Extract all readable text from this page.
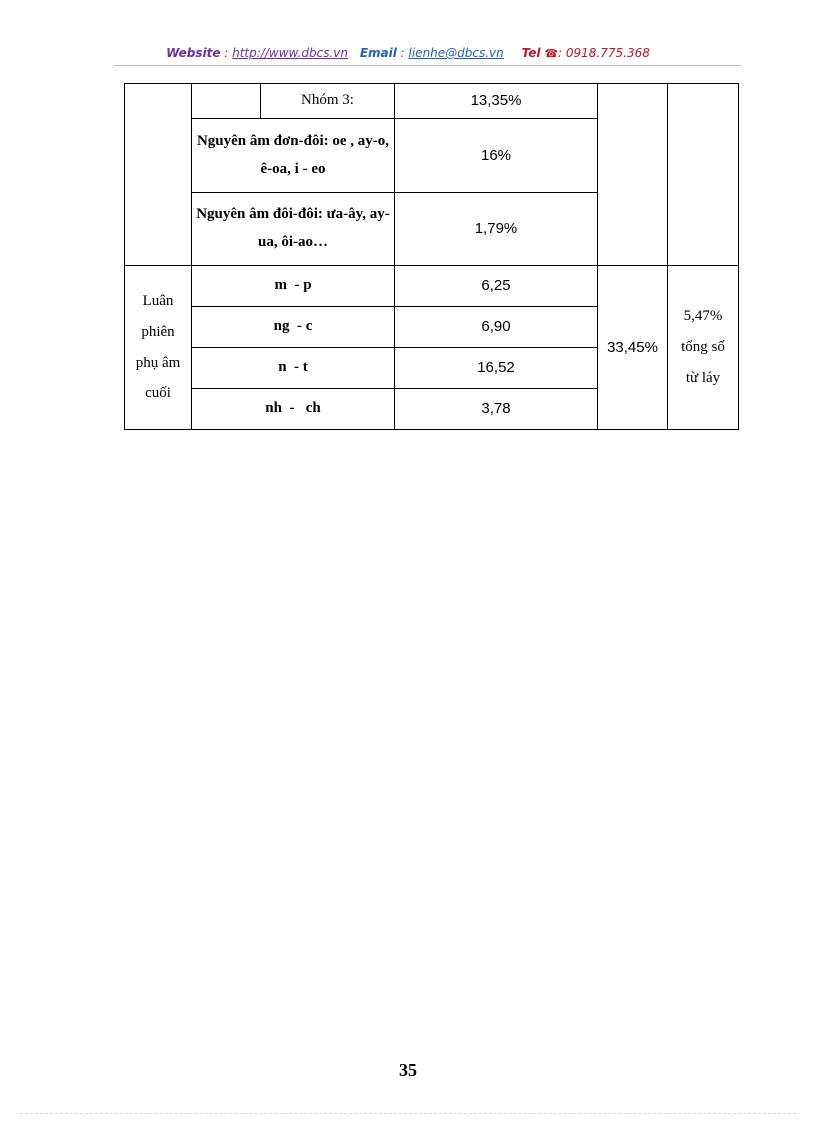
Website : http://www.dbcs.vn Email : lienhe@dbcs.vn Tel ☎: 0918.775.368
		Nhóm 3:	13,35%		
	Nguyên âm đơn-đôi: oe , ay-o, ê-oa, i - eo		16%		
	Nguyên âm đôi-đôi: ưa-ây, ay-ua, ôi-ao…		1,79%		
Luân phiên phụ âm cuối	m  - p		6,25	33,45%	5,47% tổng số từ láy
	ng  - c		6,90		
	n  - t		16,52		
	nh  -   ch		3,78		
35
